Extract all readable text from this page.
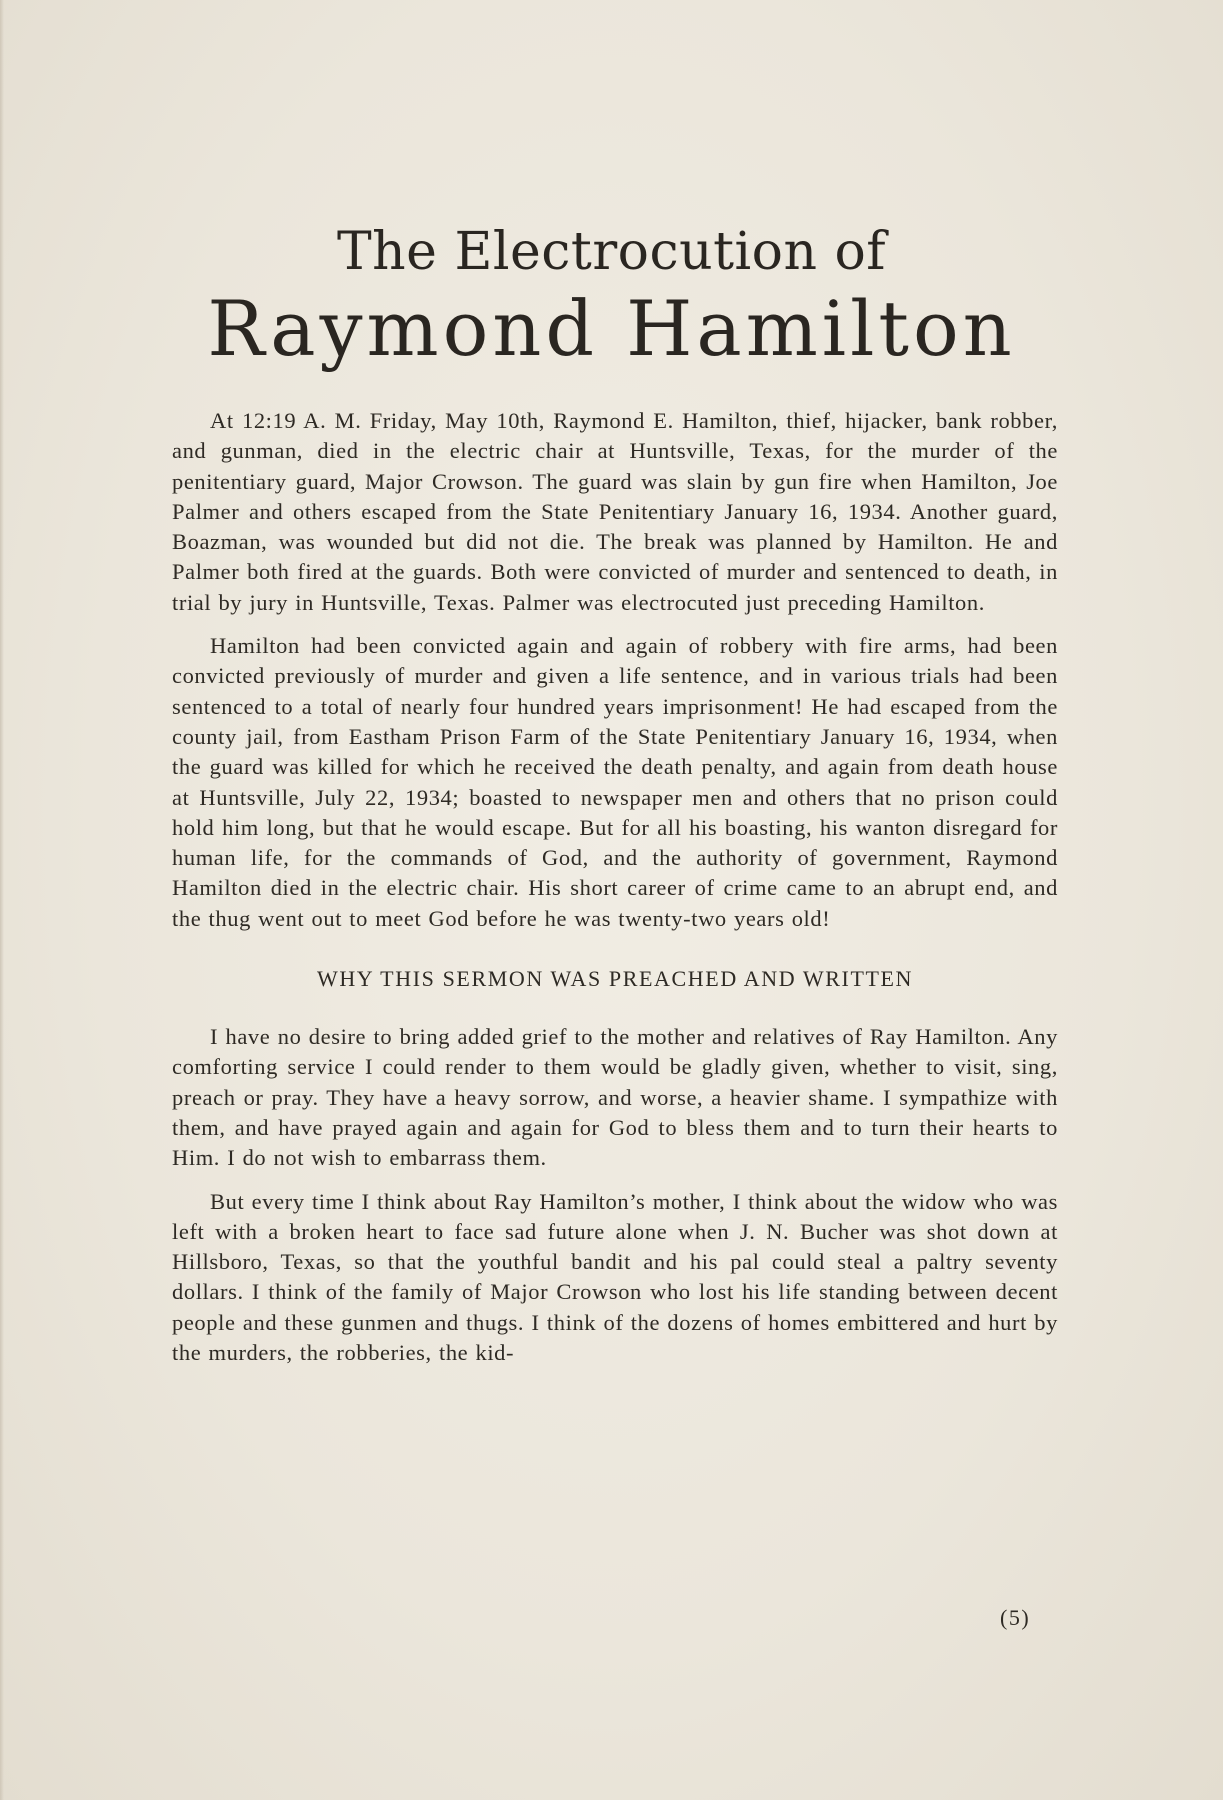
The Electrocution of
Raymond Hamilton

At 12:19 A. M. Friday, May 10th, Raymond E. Hamilton, thief, hijacker, bank robber, and gunman, died in the electric chair at Huntsville, Texas, for the murder of the penitentiary guard, Major Crowson. The guard was slain by gun fire when Hamilton, Joe Palmer and others escaped from the State Penitentiary January 16, 1934. Another guard, Boazman, was wounded but did not die. The break was planned by Hamilton. He and Palmer both fired at the guards. Both were convicted of murder and sentenced to death, in trial by jury in Huntsville, Texas. Palmer was electrocuted just preceding Hamilton.

Hamilton had been convicted again and again of robbery with fire arms, had been convicted previously of murder and given a life sentence, and in various trials had been sentenced to a total of nearly four hundred years imprisonment! He had escaped from the county jail, from Eastham Prison Farm of the State Penitentiary January 16, 1934, when the guard was killed for which he received the death penalty, and again from death house at Huntsville, July 22, 1934; boasted to newspaper men and others that no prison could hold him long, but that he would escape. But for all his boasting, his wanton disregard for human life, for the commands of God, and the authority of government, Raymond Hamilton died in the electric chair. His short career of crime came to an abrupt end, and the thug went out to meet God before he was twenty-two years old!

WHY THIS SERMON WAS PREACHED AND WRITTEN

I have no desire to bring added grief to the mother and relatives of Ray Hamilton. Any comforting service I could render to them would be gladly given, whether to visit, sing, preach or pray. They have a heavy sorrow, and worse, a heavier shame. I sympathize with them, and have prayed again and again for God to bless them and to turn their hearts to Him. I do not wish to embarrass them.

But every time I think about Ray Hamilton’s mother, I think about the widow who was left with a broken heart to face sad future alone when J. N. Bucher was shot down at Hillsboro, Texas, so that the youthful bandit and his pal could steal a paltry seventy dollars. I think of the family of Major Crowson who lost his life standing between decent people and these gunmen and thugs. I think of the dozens of homes embittered and hurt by the murders, the robberies, the kid-

(5)
